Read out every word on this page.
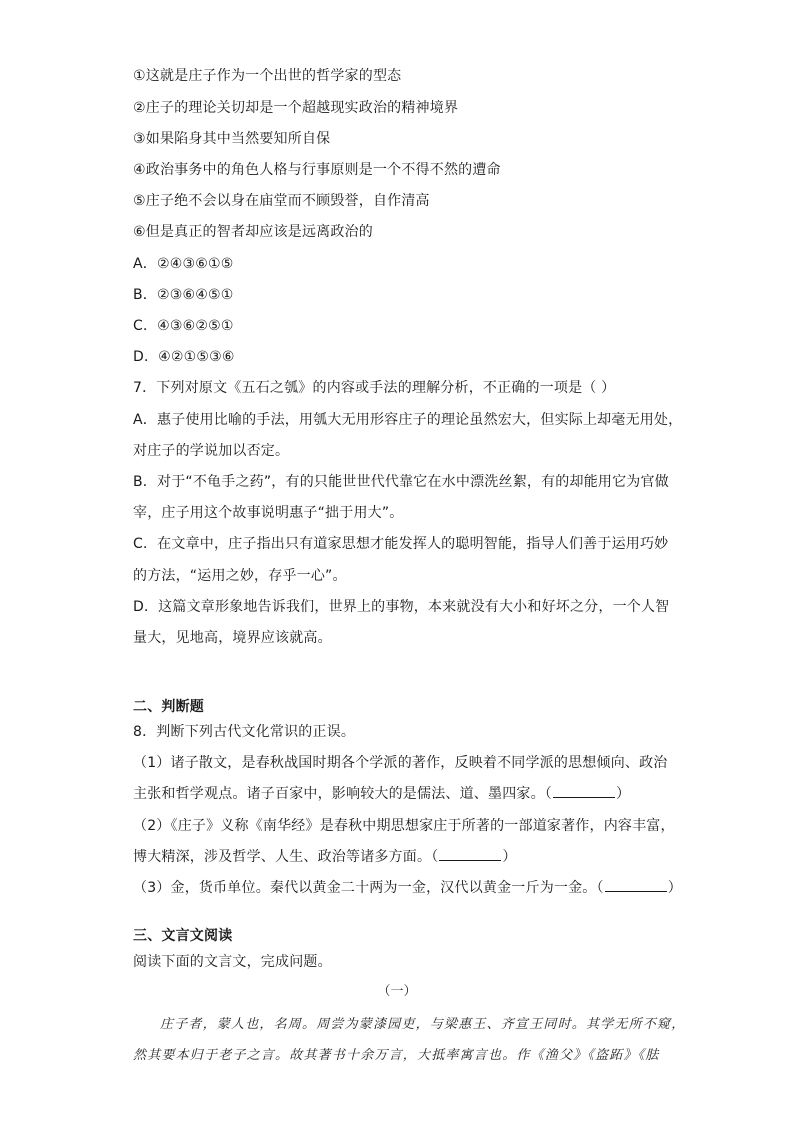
①这就是庄子作为一个出世的哲学家的型态
②庄子的理论关切却是一个超越现实政治的精神境界
③如果陷身其中当然要知所自保
④政治事务中的角色人格与行事原则是一个不得不然的遭命
⑤庄子绝不会以身在庙堂而不顾毁誉，自作清高
⑥但是真正的智者却应该是远离政治的
A．②④③⑥①⑤
B．②③⑥④⑤①
C．④③⑥②⑤①
D．④②①⑤③⑥
7．下列对原文《五石之瓠》的内容或手法的理解分析，不正确的一项是（ ）
A．惠子使用比喻的手法，用瓠大无用形容庄子的理论虽然宏大，但实际上却毫无用处，
对庄子的学说加以否定。
B．对于“不龟手之药”，有的只能世世代代靠它在水中漂洗丝絮，有的却能用它为官做
宰，庄子用这个故事说明惠子“拙于用大”。
C．在文章中，庄子指出只有道家思想才能发挥人的聪明智能，指导人们善于运用巧妙
的方法，“运用之妙，存乎一心”。
D．这篇文章形象地告诉我们，世界上的事物，本来就没有大小和好坏之分，一个人智
量大，见地高，境界应该就高。
二、判断题
8．判断下列古代文化常识的正误。
（1）诸子散文，是春秋战国时期各个学派的著作，反映着不同学派的思想倾向、政治
主张和哲学观点。诸子百家中，影响较大的是儒法、道、墨四家。（	）
（2）《庄子》义称《南华经》是春秋中期思想家庄于所著的一部道家著作，内容丰富，
博大精深，涉及哲学、人生、政治等诸多方面。（	）
（3）金，货币单位。秦代以黄金二十两为一金，汉代以黄金一斤为一金。（	）
三、文言文阅读
阅读下面的文言文，完成问题。
（一）
庄子者，蒙人也，名周。周尝为蒙漆园吏，与梁惠王、齐宣王同时。其学无所不窥，
然其要本归于老子之言。故其著书十余万言，大抵率寓言也。作《渔父》《盗跖》《胠
